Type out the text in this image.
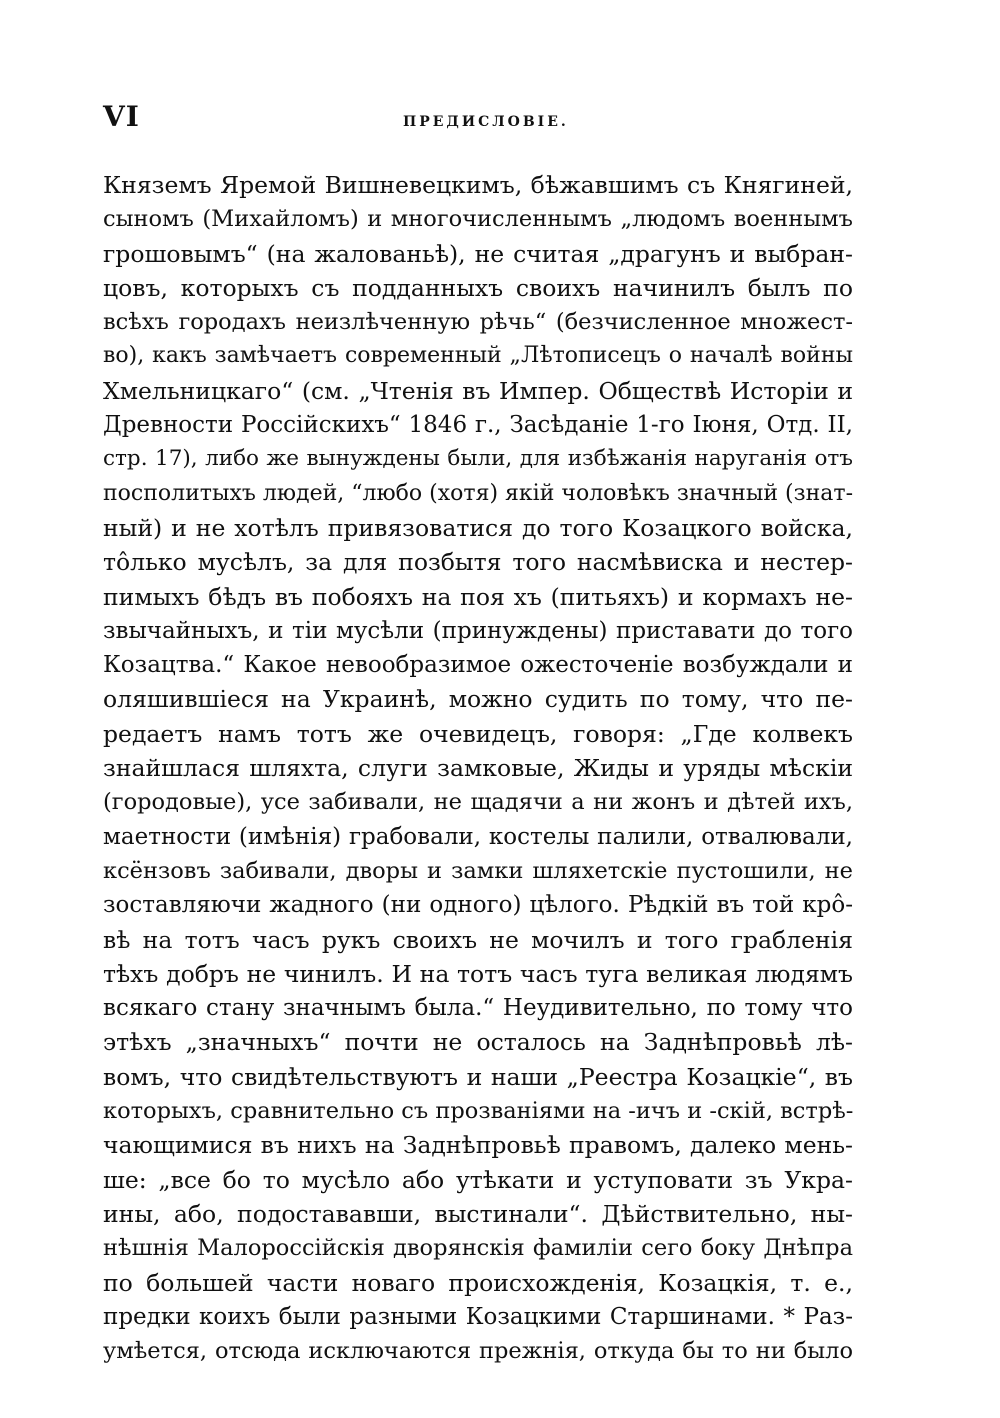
VI	ПРЕДИСЛОВІЕ.
Княземъ Яремой Вишневецкимъ, бѣжавшимъ съ Княгиней,
сыномъ (Михайломъ) и многочисленнымъ „людомъ военнымъ
грошовымъ“ (на жалованьѣ), не считая „драгунъ и выбран-
цовъ, которыхъ съ подданныхъ своихъ начинилъ былъ по
всѣхъ городахъ неизлѣченную рѣчь“ (безчисленное множест-
во), какъ замѣчаетъ современный „Лѣтописецъ о началѣ войны
Хмельницкаго“ (см. „Чтенія въ Импер. Обществѣ Исторіи и
Древности Россійскихъ“ 1846 г., Засѣданіе 1-го Іюня, Отд. II,
стр. 17), либо же вынуждены были, для избѣжанія наруганія отъ
посполитыхъ людей, “любо (хотя) якій чоловѣкъ значный (знат-
ный) и не хотѣлъ привязоватися до того Козацкого войска,
тôлько мусѣлъ, за для позбытя того насмѣвиска и нестер-
пимыхъ бѣдъ въ побояхъ на поя хъ (питьяхъ) и кормахъ не-
звычайныхъ, и тіи мусѣли (принуждены) приставати до того
Козацтва.“ Какое невообразимое ожесточеніе возбуждали и
оляшившіеся на Украинѣ, можно судить по тому, что пе-
редаетъ намъ тотъ же очевидецъ, говоря: „Где колвекъ
знайшлася шляхта, слуги замковые, Жиды и уряды мѣскіи
(городовые), усе забивали, не щадячи а ни жонъ и дѣтей ихъ,
маетности (имѣнія) грабовали, костелы палили, отвалювали,
ксёнзовъ забивали, дворы и замки шляхетскіе пустошили, не
зоставляючи жадного (ни одного) цѣлого. Рѣдкій въ той крô-
вѣ на тотъ часъ рукъ своихъ не мочилъ и того грабленія
тѣхъ добръ не чинилъ. И на тотъ часъ туга великая людямъ
всякаго стану значнымъ была.“ Неудивительно, по тому что
этѣхъ „значныхъ“ почти не осталось на Заднѣпровьѣ лѣ-
вомъ, что свидѣтельствуютъ и наши „Реестра Козацкіе“, въ
которыхъ, сравнительно съ прозваніями на -ичъ и -скій, встрѣ-
чающимися въ нихъ на Заднѣпровьѣ правомъ, далеко мень-
ше: „все бо то мусѣло або утѣкати и уступовати зъ Укра-
ины, або, подостававши, выстинали“. Дѣйствительно, ны-
нѣшнія Малороссійскія дворянскія фамиліи сего боку Днѣпра
по большей части новаго происхожденія, Козацкія, т. е.,
предки коихъ были разными Козацкими Старшинами. * Раз-
умѣется, отсюда исключаются прежнія, откуда бы то ни было
